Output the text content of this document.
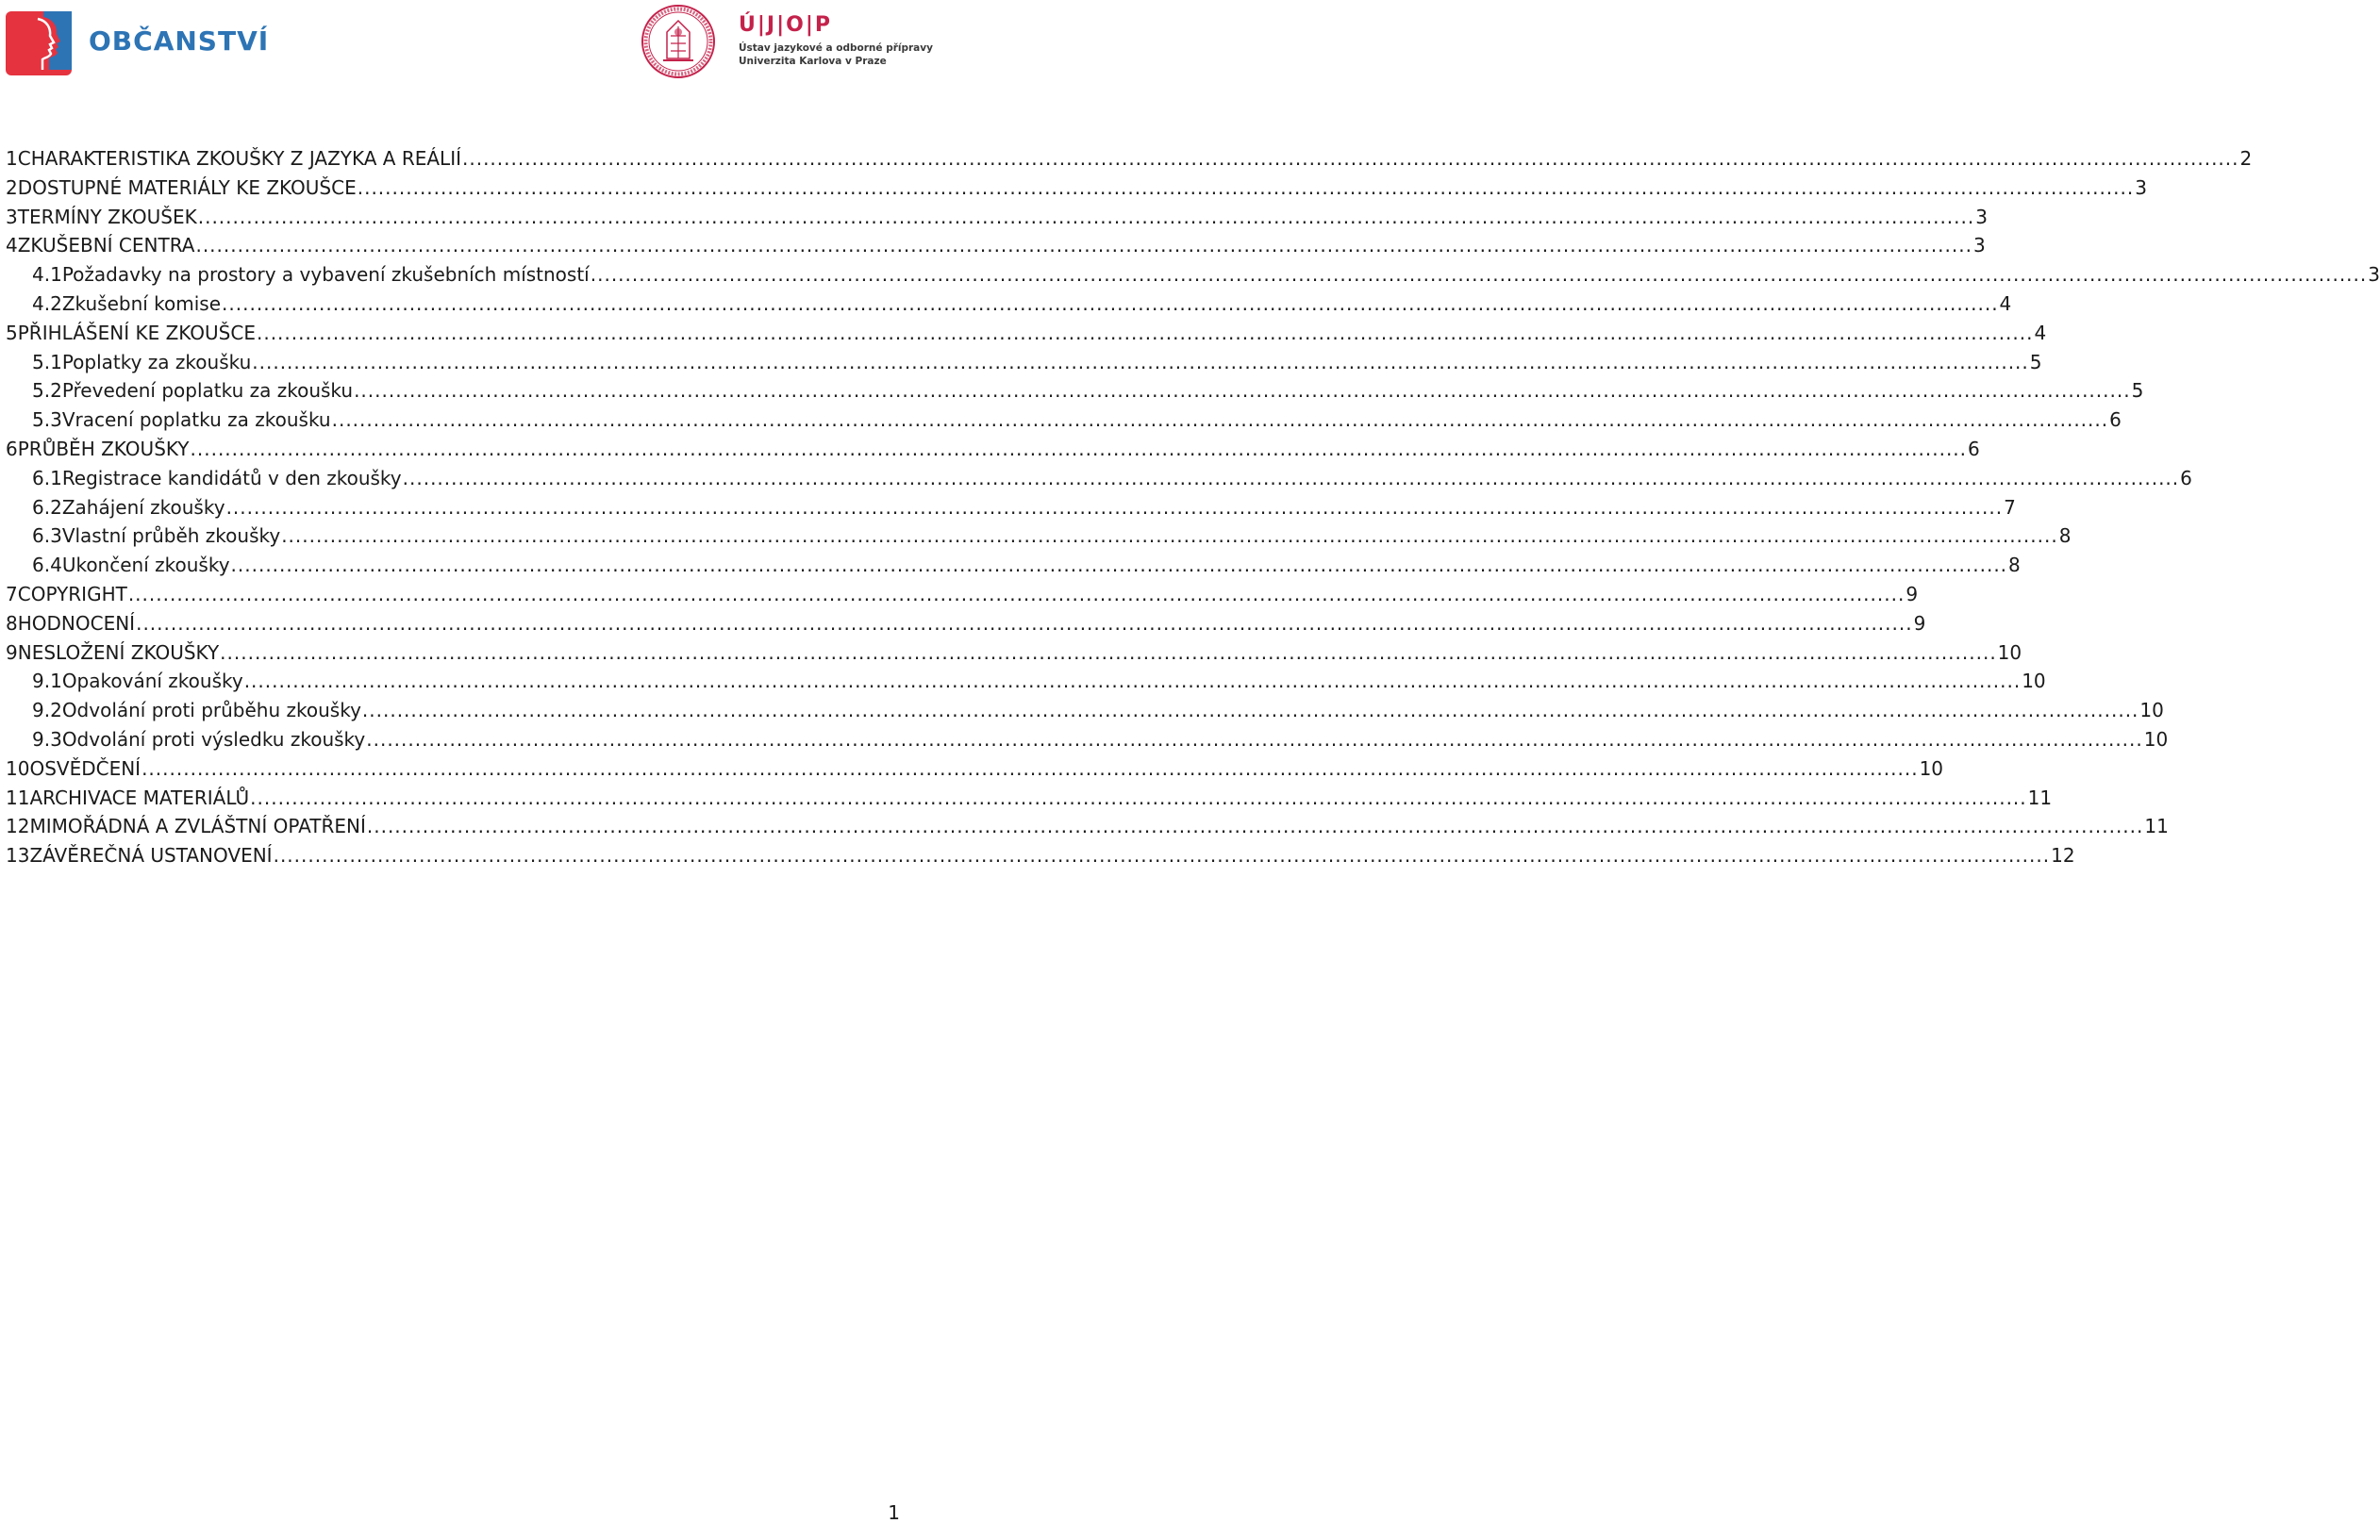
OBČANSTVÍ
Ú|J|O|P
Ústav jazykové a odborné přípravy
Univerzita Karlova v Praze
1 CHARAKTERISTIKA ZKOUŠKY Z JAZYKA A REÁLIÍ .....	2
2 DOSTUPNÉ MATERIÁLY KE ZKOUŠCE .....	3
3 TERMÍNY ZKOUŠEK .....	3
4 ZKUŠEBNÍ CENTRA .....	3
4.1 Požadavky na prostory a vybavení zkušebních místností .....	3
4.2 Zkušební komise .....	4
5 PŘIHLÁŠENÍ KE ZKOUŠCE .....	4
5.1 Poplatky za zkoušku .....	5
5.2 Převedení poplatku za zkoušku .....	5
5.3 Vracení poplatku za zkoušku .....	6
6 PRŮBĚH ZKOUŠKY .....	6
6.1 Registrace kandidátů v den zkoušky .....	6
6.2 Zahájení zkoušky .....	7
6.3 Vlastní průběh zkoušky .....	8
6.4 Ukončení zkoušky .....	8
7 COPYRIGHT .....	9
8 HODNOCENÍ .....	9
9 NESLOŽENÍ ZKOUŠKY .....	10
9.1 Opakování zkoušky .....	10
9.2 Odvolání proti průběhu zkoušky .....	10
9.3 Odvolání proti výsledku zkoušky .....	10
10 OSVĚDČENÍ .....	10
11 ARCHIVACE MATERIÁLŮ .....	11
12 MIMOŘÁDNÁ A ZVLÁŠTNÍ OPATŘENÍ .....	11
13 ZÁVĚREČNÁ USTANOVENÍ .....	12
1
